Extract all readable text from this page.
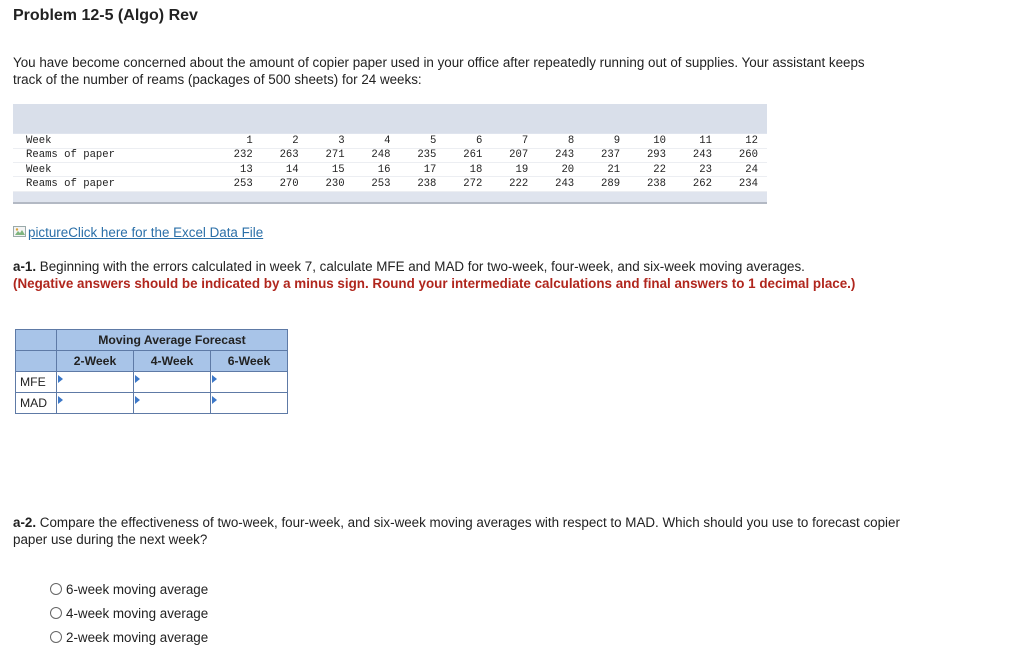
Problem 12-5 (Algo) Rev
You have become concerned about the amount of copier paper used in your office after repeatedly running out of supplies. Your assistant keeps track of the number of reams (packages of 500 sheets) for 24 weeks:
Week	1	2	3	4	5	6	7	8	9	10	11	12
Reams of paper	232	263	271	248	235	261	207	243	237	293	243	260
Week	13	14	15	16	17	18	19	20	21	22	23	24
Reams of paper	253	270	230	253	238	272	222	243	289	238	262	234
pictureClick here for the Excel Data File
a-1. Beginning with the errors calculated in week 7, calculate MFE and MAD for two-week, four-week, and six-week moving averages.
(Negative answers should be indicated by a minus sign. Round your intermediate calculations and final answers to 1 decimal place.)
	Moving Average Forecast		
	2-Week	4-Week	6-Week
MFE	

MAD	

a-2. Compare the effectiveness of two-week, four-week, and six-week moving averages with respect to MAD. Which should you use to forecast copier paper use during the next week?
6-week moving average
4-week moving average
2-week moving average
